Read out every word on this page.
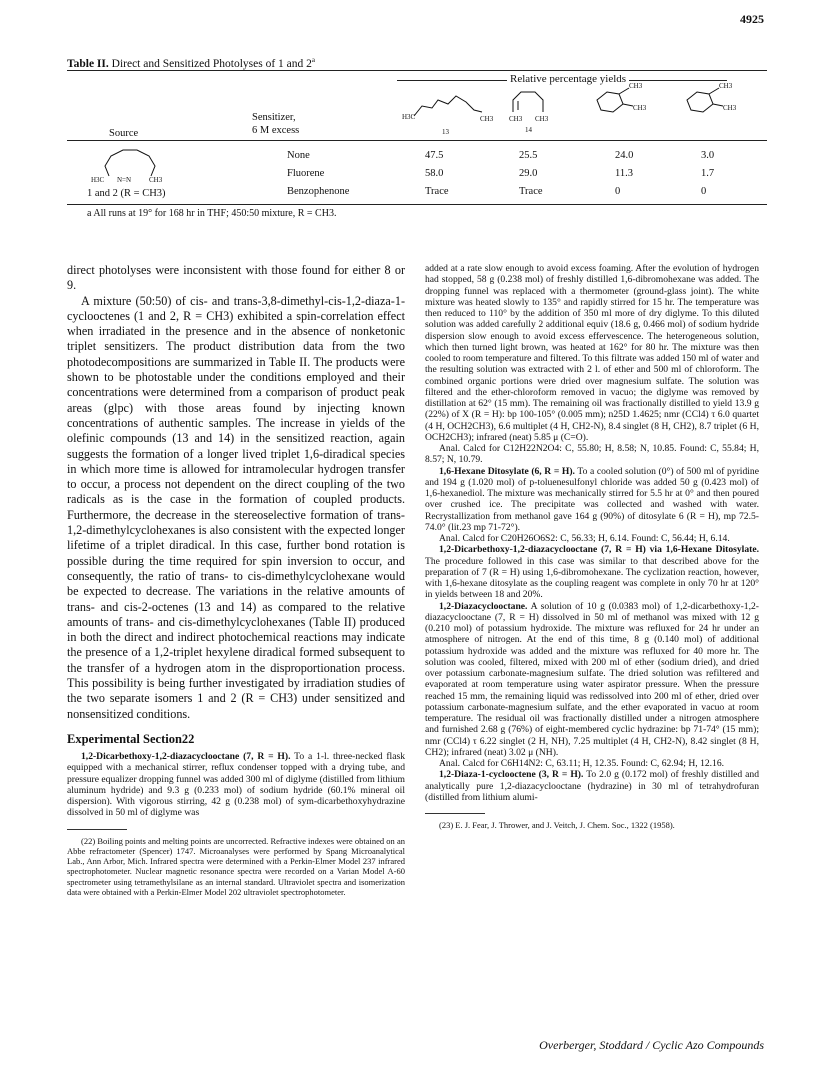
4925
Table II. Direct and Sensitized Photolyses of 1 and 2$^a$
Relative percentage yields
Sensitizer,
6 M excess
Source
H3C	CH3
13
CH3 CH3
14
CH3
CH3
CH3
CH3
H3C N=N	CH3
1 and 2 (R = CH3)
None	47.5	25.5	24.0	3.0
Fluorene	58.0	29.0	11.3	1.7
Benzophenone	Trace	Trace	0	0
a All runs at 19° for 168 hr in THF; 450:50 mixture, R = CH3.

direct photolyses were inconsistent with those found for either 8 or 9.

A mixture (50:50) of cis- and trans-3,8-dimethyl-cis-1,2-diaza-1-cyclooctenes (1 and 2, R = CH3) exhibited a spin-correlation effect when irradiated in the presence and in the absence of nonketonic triplet sensitizers. The product distribution data from the two photodecompositions are summarized in Table II. The products were shown to be photostable under the conditions employed and their concentrations were determined from a comparison of product peak areas (glpc) with those areas found by injecting known concentrations of authentic samples. The increase in yields of the olefinic compounds (13 and 14) in the sensitized reaction, again suggests the formation of a longer lived triplet 1,6-diradical species in which more time is allowed for intramolecular hydrogen transfer to occur, a process not dependent on the direct coupling of the two radicals as is the case in the formation of coupled products. Furthermore, the decrease in the stereoselective formation of trans-1,2-dimethylcyclohexanes is also consistent with the expected longer lifetime of a triplet diradical. In this case, further bond rotation is possible during the time required for spin inversion to occur, and consequently, the ratio of trans- to cis-dimethylcyclohexane would be expected to decrease. The variations in the relative amounts of trans- and cis-2-octenes (13 and 14) as compared to the relative amounts of trans- and cis-dimethylcyclohexanes (Table II) produced in both the direct and indirect photochemical reactions may indicate the presence of a 1,2-triplet hexylene diradical formed subsequent to the transfer of a hydrogen atom in the disproportionation process. This possibility is being further investigated by irradiation studies of the two separate isomers 1 and 2 (R = CH3) under sensitized and nonsensitized conditions.

Experimental Section22

1,2-Dicarbethoxy-1,2-diazacyclooctane (7, R = H). To a 1-l. three-necked flask equipped with a mechanical stirrer, reflux condenser topped with a drying tube, and pressure equalizer dropping funnel was added 300 ml of diglyme (distilled from lithium aluminum hydride) and 9.3 g (0.233 mol) of sodium hydride (60.1% mineral oil dispersion). With vigorous stirring, 42 g (0.238 mol) of sym-dicarbethoxyhydrazine dissolved in 50 ml of diglyme was

(22) Boiling points and melting points are uncorrected. Refractive indexes were obtained on an Abbe refractometer (Spencer) 1747. Microanalyses were performed by Spang Microanalytical Lab., Ann Arbor, Mich. Infrared spectra were determined with a Perkin-Elmer Model 237 infrared spectrophotometer. Nuclear magnetic resonance spectra were recorded on a Varian Model A-60 spectrometer using tetramethylsilane as an internal standard. Ultraviolet spectra and isomerization data were obtained with a Perkin-Elmer Model 202 ultraviolet spectrophotometer.

added at a rate slow enough to avoid excess foaming. After the evolution of hydrogen had stopped, 58 g (0.238 mol) of freshly distilled 1,6-dibromohexane was added. The dropping funnel was replaced with a thermometer (ground-glass joint). The white mixture was heated slowly to 135° and rapidly stirred for 15 hr. The temperature was then reduced to 110° by the addition of 350 ml more of dry diglyme. To this diluted solution was added carefully 2 additional equiv (18.6 g, 0.466 mol) of sodium hydride dispersion slow enough to avoid excess effervescence. The heterogeneous solution, which then turned light brown, was heated at 162° for 80 hr. The mixture was then cooled to room temperature and filtered. To this filtrate was added 150 ml of water and the resulting solution was extracted with 2 l. of ether and 500 ml of chloroform. The combined organic portions were dried over magnesium sulfate. The solution was filtered and the ether-chloroform removed in vacuo; the diglyme was removed by distillation at 62° (15 mm). The remaining oil was fractionally distilled to yield 13.9 g (22%) of X (R = H): bp 100-105° (0.005 mm); n25D 1.4625; nmr (CCl4) τ 6.0 quartet (4 H, OCH2CH3), 6.6 multiplet (4 H, CH2-N), 8.4 singlet (8 H, CH2), 8.7 triplet (6 H, OCH2CH3); infrared (neat) 5.85 μ (C=O).

Anal. Calcd for C12H22N2O4: C, 55.80; H, 8.58; N, 10.85. Found: C, 55.84; H, 8.57; N, 10.79.

1,6-Hexane Ditosylate (6, R = H). To a cooled solution (0°) of 500 ml of pyridine and 194 g (1.020 mol) of p-toluenesulfonyl chloride was added 50 g (0.423 mol) of 1,6-hexanediol. The mixture was mechanically stirred for 5.5 hr at 0° and then poured over crushed ice. The precipitate was collected and washed with water. Recrystallization from methanol gave 164 g (90%) of ditosylate 6 (R = H), mp 72.5-74.0° (lit.23 mp 71-72°).

Anal. Calcd for C20H26O6S2: C, 56.33; H, 6.14. Found: C, 56.44; H, 6.14.

1,2-Dicarbethoxy-1,2-diazacyclooctane (7, R = H) via 1,6-Hexane Ditosylate. The procedure followed in this case was similar to that described above for the preparation of 7 (R = H) using 1,6-dibromohexane. The cyclization reaction, however, with 1,6-hexane ditosylate as the coupling reagent was complete in only 70 hr at 120° in yields between 18 and 20%.

1,2-Diazacyclooctane. A solution of 10 g (0.0383 mol) of 1,2-dicarbethoxy-1,2-diazacyclooctane (7, R = H) dissolved in 50 ml of methanol was mixed with 12 g (0.210 mol) of potassium hydroxide. The mixture was refluxed for 24 hr under an atmosphere of nitrogen. At the end of this time, 8 g (0.140 mol) of additional potassium hydroxide was added and the mixture was refluxed for 40 more hr. The solution was cooled, filtered, mixed with 200 ml of ether (sodium dried), and dried over potassium carbonate-magnesium sulfate. The dried solution was refiltered and evaporated at room temperature using water aspirator pressure. When the pressure reached 15 mm, the remaining liquid was redissolved into 200 ml of ether, dried over potassium carbonate-magnesium sulfate, and the ether evaporated in vacuo at room temperature. The residual oil was fractionally distilled under a nitrogen atmosphere and furnished 2.68 g (76%) of eight-membered cyclic hydrazine: bp 71-74° (15 mm); nmr (CCl4) τ 6.22 singlet (2 H, NH), 7.25 multiplet (4 H, CH2-N), 8.42 singlet (8 H, CH2); infrared (neat) 3.02 μ (NH).

Anal. Calcd for C6H14N2: C, 63.11; H, 12.35. Found: C, 62.94; H, 12.16.

1,2-Diaza-1-cyclooctene (3, R = H). To 2.0 g (0.172 mol) of freshly distilled and analytically pure 1,2-diazacyclooctane (hydrazine) in 30 ml of tetrahydrofuran (distilled from lithium alumi-

(23) E. J. Fear, J. Thrower, and J. Veitch, J. Chem. Soc., 1322 (1958).

Overberger, Stoddard / Cyclic Azo Compounds
